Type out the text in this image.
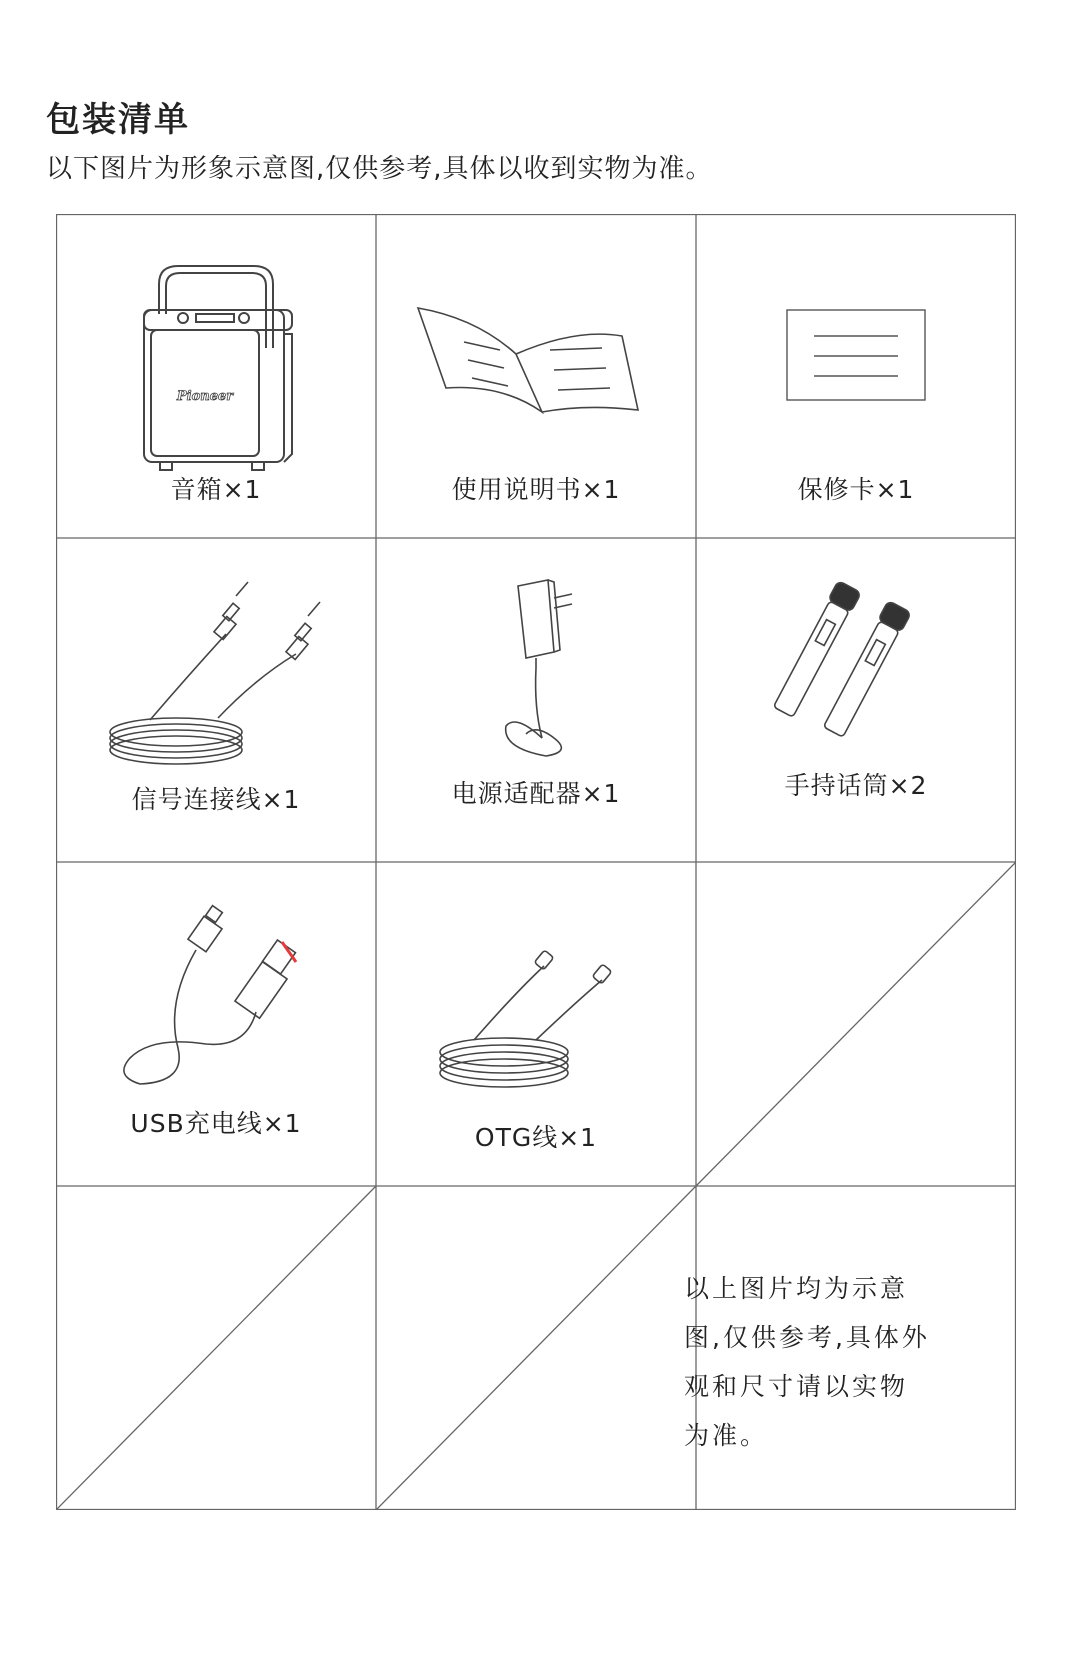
包装清单
以下图片为形象示意图,仅供参考,具体以收到实物为准。
Pioneer
音箱×1	使用说明书×1	保修卡×1
信号连接线×1	电源适配器×1	手持话筒×2
USB充电线×1	OTG线×1
以上图片均为示意图,仅供参考,具体外观和尺寸请以实物为准。
